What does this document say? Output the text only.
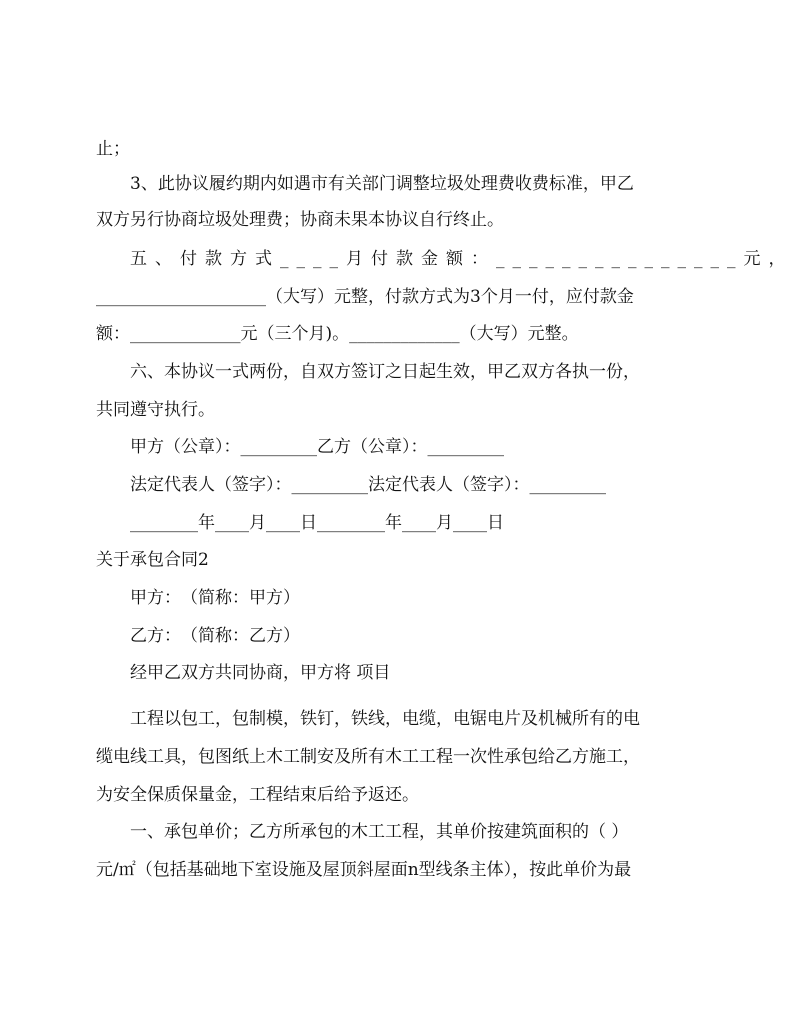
止；
3、此协议履约期内如遇市有关部门调整垃圾处理费收费标准，甲乙
双方另行协商垃圾处理费；协商未果本协议自行终止。
五、付款方式____月付款金额：_______________元，
____________________（大写）元整，付款方式为3个月一付，应付款金
额：_____________元（三个月)。_____________（大写）元整。
六、本协议一式两份，自双方签订之日起生效，甲乙双方各执一份，
共同遵守执行。
甲方（公章）：_________乙方（公章）：_________
法定代表人（签字）：_________法定代表人（签字）：_________
________年____月____日________年____月____日
关于承包合同2
甲方：　（简称：甲方）
乙方：　（简称：乙方）
经甲乙双方共同协商，甲方将 项目
工程以包工，包制模，铁钉，铁线，电缆，电锯电片及机械所有的电
缆电线工具，包图纸上木工制安及所有木工工程一次性承包给乙方施工，
为安全保质保量金，工程结束后给予返还。
一、承包单价；乙方所承包的木工工程，其单价按建筑面积的（ ）
元/㎡（包括基础地下室设施及屋顶斜屋面n型线条主体），按此单价为最
